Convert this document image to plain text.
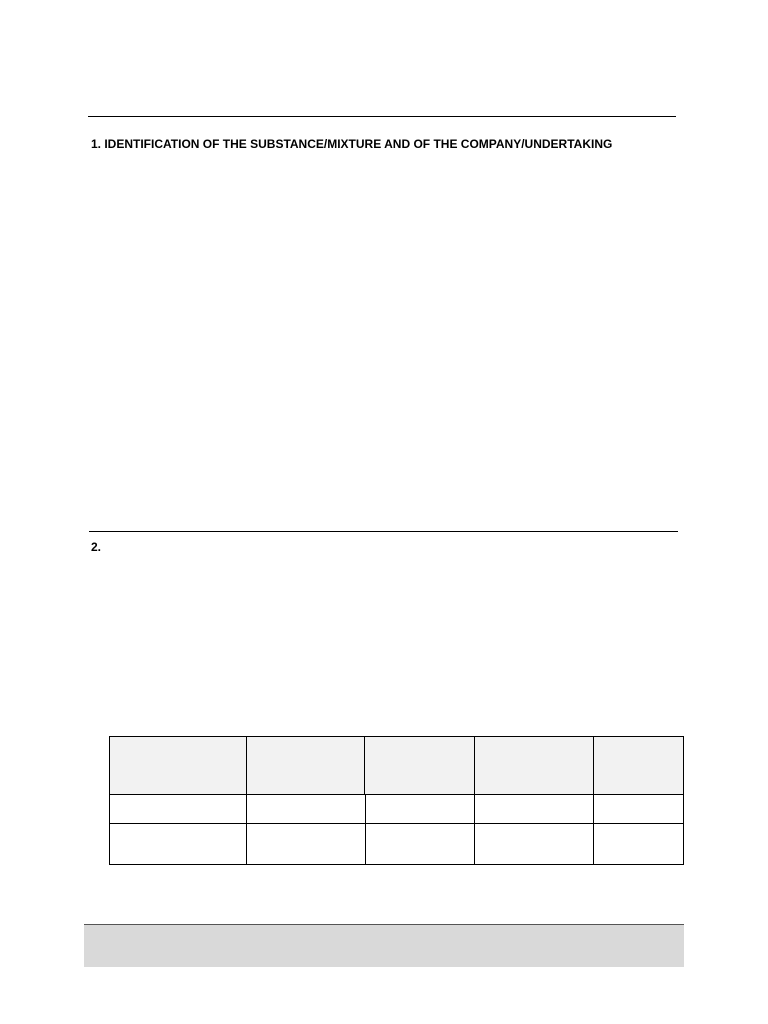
1. IDENTIFICATION OF THE SUBSTANCE/MIXTURE AND OF THE COMPANY/UNDERTAKING
2.
